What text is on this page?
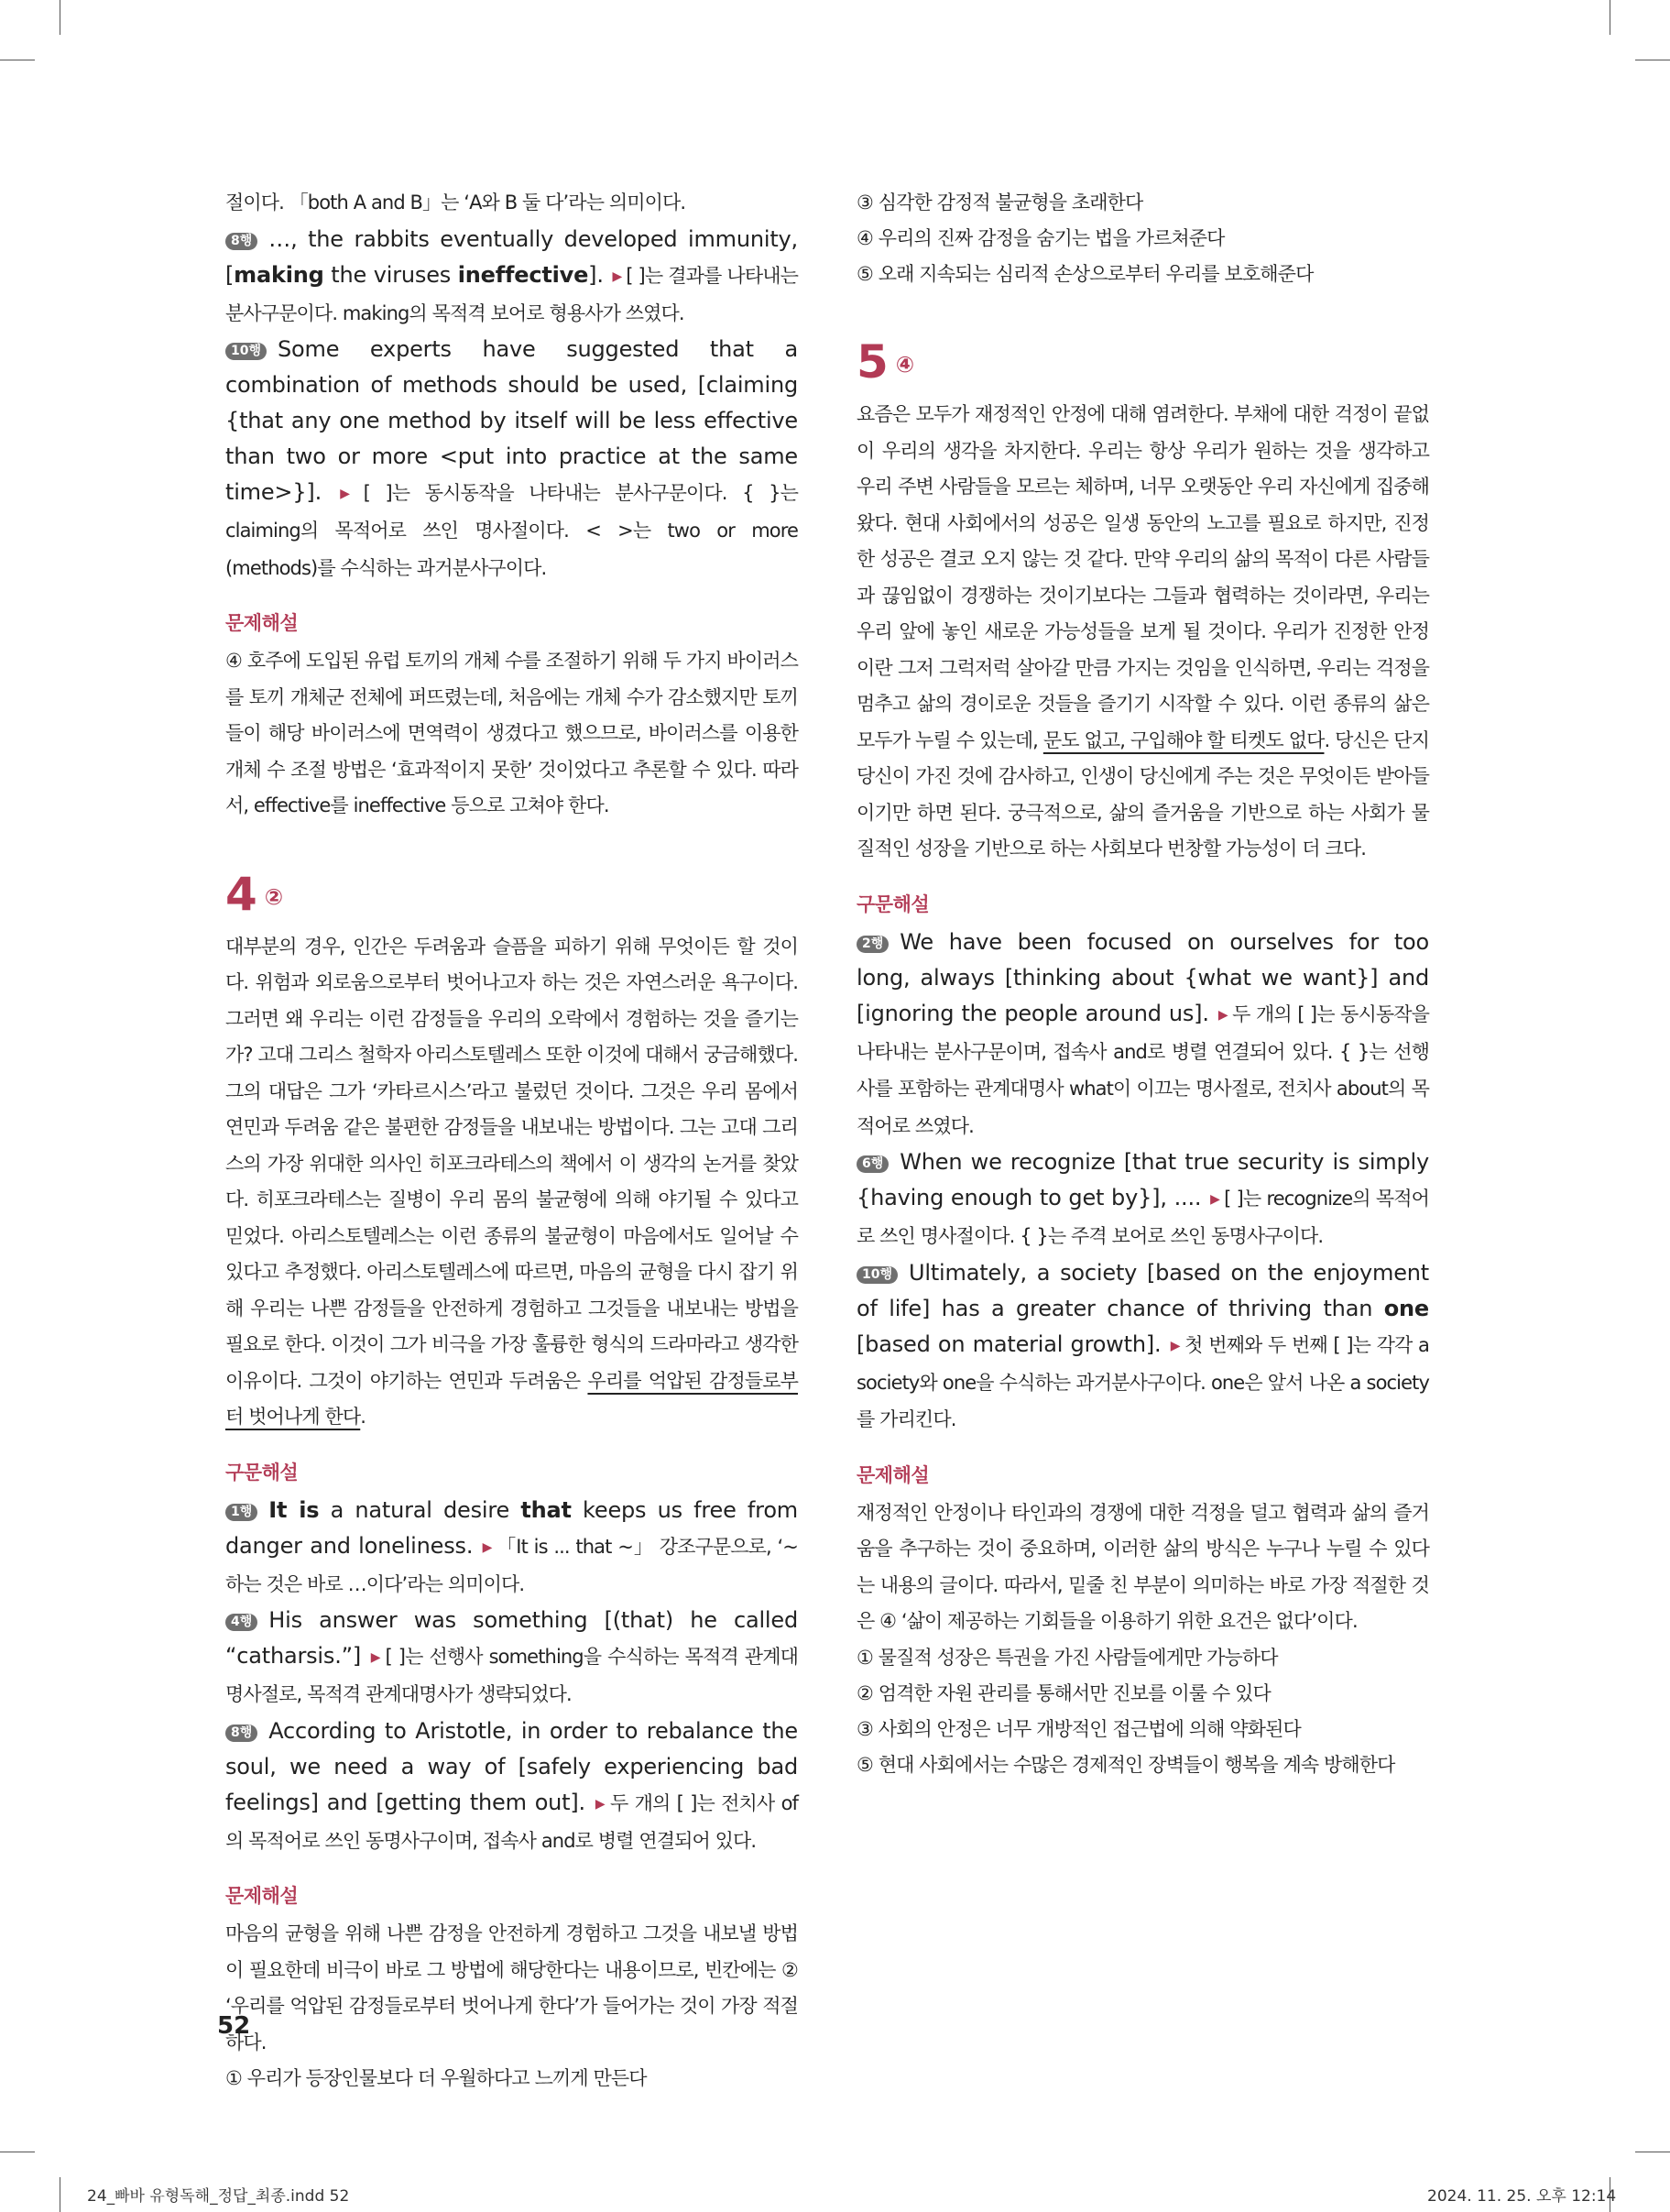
절이다. 「both A and B」는 ‘A와 B 둘 다’라는 의미이다.

8행 …, the rabbits eventually developed immunity, [making the viruses ineffective]. ▶ [ ]는 결과를 나타내는 분사구문이다. making의 목적격 보어로 형용사가 쓰였다.

10행 Some experts have suggested that a combination of methods should be used, [claiming {that any one method by itself will be less effective than two or more <put into practice at the same time>}]. ▶ [ ]는 동시동작을 나타내는 분사구문이다. { }는 claiming의 목적어로 쓰인 명사절이다. < >는 two or more (methods)를 수식하는 과거분사구이다.

문제해설

④ 호주에 도입된 유럽 토끼의 개체 수를 조절하기 위해 두 가지 바이러스를 토끼 개체군 전체에 퍼뜨렸는데, 처음에는 개체 수가 감소했지만 토끼들이 해당 바이러스에 면역력이 생겼다고 했으므로, 바이러스를 이용한 개체 수 조절 방법은 ‘효과적이지 못한’ 것이었다고 추론할 수 있다. 따라서, effective를 ineffective 등으로 고쳐야 한다.

4 ②

대부분의 경우, 인간은 두려움과 슬픔을 피하기 위해 무엇이든 할 것이다. 위험과 외로움으로부터 벗어나고자 하는 것은 자연스러운 욕구이다. 그러면 왜 우리는 이런 감정들을 우리의 오락에서 경험하는 것을 즐기는가? 고대 그리스 철학자 아리스토텔레스 또한 이것에 대해서 궁금해했다. 그의 대답은 그가 ‘카타르시스’라고 불렀던 것이다. 그것은 우리 몸에서 연민과 두려움 같은 불편한 감정들을 내보내는 방법이다. 그는 고대 그리스의 가장 위대한 의사인 히포크라테스의 책에서 이 생각의 논거를 찾았다. 히포크라테스는 질병이 우리 몸의 불균형에 의해 야기될 수 있다고 믿었다. 아리스토텔레스는 이런 종류의 불균형이 마음에서도 일어날 수 있다고 추정했다. 아리스토텔레스에 따르면, 마음의 균형을 다시 잡기 위해 우리는 나쁜 감정들을 안전하게 경험하고 그것들을 내보내는 방법을 필요로 한다. 이것이 그가 비극을 가장 훌륭한 형식의 드라마라고 생각한 이유이다. 그것이 야기하는 연민과 두려움은 우리를 억압된 감정들로부터 벗어나게 한다.

구문해설

1행 It is a natural desire that keeps us free from danger and loneliness. ▶ 「It is ... that ~」 강조구문으로, ‘~하는 것은 바로 …이다’라는 의미이다.

4행 His answer was something [(that) he called “catharsis.”] ▶ [ ]는 선행사 something을 수식하는 목적격 관계대명사절로, 목적격 관계대명사가 생략되었다.

8행 According to Aristotle, in order to rebalance the soul, we need a way of [safely experiencing bad feelings] and [getting them out]. ▶ 두 개의 [ ]는 전치사 of의 목적어로 쓰인 동명사구이며, 접속사 and로 병렬 연결되어 있다.

문제해설

마음의 균형을 위해 나쁜 감정을 안전하게 경험하고 그것을 내보낼 방법이 필요한데 비극이 바로 그 방법에 해당한다는 내용이므로, 빈칸에는 ② ‘우리를 억압된 감정들로부터 벗어나게 한다’가 들어가는 것이 가장 적절하다.

① 우리가 등장인물보다 더 우월하다고 느끼게 만든다

③ 심각한 감정적 불균형을 초래한다

④ 우리의 진짜 감정을 숨기는 법을 가르쳐준다

⑤ 오래 지속되는 심리적 손상으로부터 우리를 보호해준다

5 ④

요즘은 모두가 재정적인 안정에 대해 염려한다. 부채에 대한 걱정이 끝없이 우리의 생각을 차지한다. 우리는 항상 우리가 원하는 것을 생각하고 우리 주변 사람들을 모르는 체하며, 너무 오랫동안 우리 자신에게 집중해 왔다. 현대 사회에서의 성공은 일생 동안의 노고를 필요로 하지만, 진정한 성공은 결코 오지 않는 것 같다. 만약 우리의 삶의 목적이 다른 사람들과 끊임없이 경쟁하는 것이기보다는 그들과 협력하는 것이라면, 우리는 우리 앞에 놓인 새로운 가능성들을 보게 될 것이다. 우리가 진정한 안정이란 그저 그럭저럭 살아갈 만큼 가지는 것임을 인식하면, 우리는 걱정을 멈추고 삶의 경이로운 것들을 즐기기 시작할 수 있다. 이런 종류의 삶은 모두가 누릴 수 있는데, 문도 없고, 구입해야 할 티켓도 없다. 당신은 단지 당신이 가진 것에 감사하고, 인생이 당신에게 주는 것은 무엇이든 받아들이기만 하면 된다. 궁극적으로, 삶의 즐거움을 기반으로 하는 사회가 물질적인 성장을 기반으로 하는 사회보다 번창할 가능성이 더 크다.

구문해설

2행 We have been focused on ourselves for too long, always [thinking about {what we want}] and [ignoring the people around us]. ▶ 두 개의 [ ]는 동시동작을 나타내는 분사구문이며, 접속사 and로 병렬 연결되어 있다. { }는 선행사를 포함하는 관계대명사 what이 이끄는 명사절로, 전치사 about의 목적어로 쓰였다.

6행 When we recognize [that true security is simply {having enough to get by}], .... ▶ [ ]는 recognize의 목적어로 쓰인 명사절이다. { }는 주격 보어로 쓰인 동명사구이다.

10행 Ultimately, a society [based on the enjoyment of life] has a greater chance of thriving than one [based on material growth]. ▶ 첫 번째와 두 번째 [ ]는 각각 a society와 one을 수식하는 과거분사구이다. one은 앞서 나온 a society를 가리킨다.

문제해설

재정적인 안정이나 타인과의 경쟁에 대한 걱정을 덜고 협력과 삶의 즐거움을 추구하는 것이 중요하며, 이러한 삶의 방식은 누구나 누릴 수 있다는 내용의 글이다. 따라서, 밑줄 친 부분이 의미하는 바로 가장 적절한 것은 ④ ‘삶이 제공하는 기회들을 이용하기 위한 요건은 없다’이다.

① 물질적 성장은 특권을 가진 사람들에게만 가능하다

② 엄격한 자원 관리를 통해서만 진보를 이룰 수 있다

③ 사회의 안정은 너무 개방적인 접근법에 의해 약화된다

⑤ 현대 사회에서는 수많은 경제적인 장벽들이 행복을 계속 방해한다

52
24_빠바 유형독해_정답_최종.indd 52	2024. 11. 25. 오후 12:14
